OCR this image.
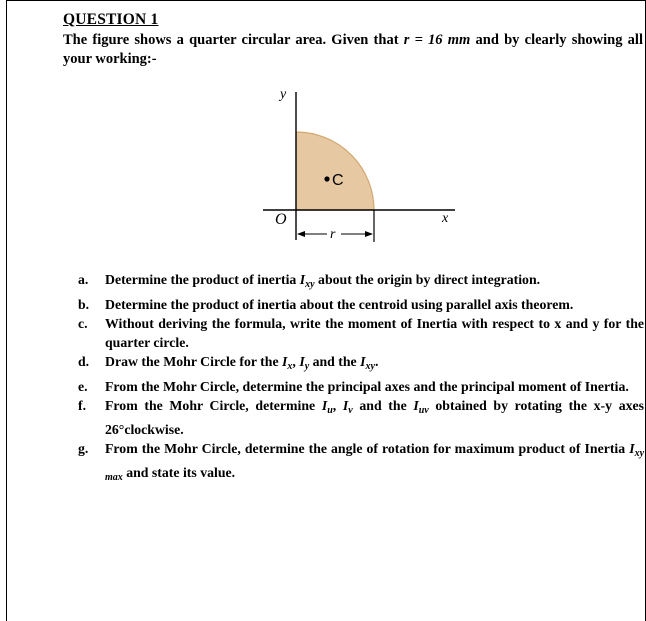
QUESTION 1
The figure shows a quarter circular area. Given that r = 16 mm and by clearly showing all your working:-
C
y
x
O
r
a. Determine the product of inertia $I_{xy}$ about the origin by direct integration.
b. Determine the product of inertia about the centroid using parallel axis theorem.
c. Without deriving the formula, write the moment of Inertia with respect to x and y for the quarter circle.
d. Draw the Mohr Circle for the $I_x$, $I_y$ and the $I_{xy}$.
e. From the Mohr Circle, determine the principal axes and the principal moment of Inertia.
f. From the Mohr Circle, determine $I_u$, $I_v$ and the $I_{uv}$ obtained by rotating the x-y axes 26°clockwise.
g. From the Mohr Circle, determine the angle of rotation for maximum product of Inertia $I_{xy max}$ and state its value.
